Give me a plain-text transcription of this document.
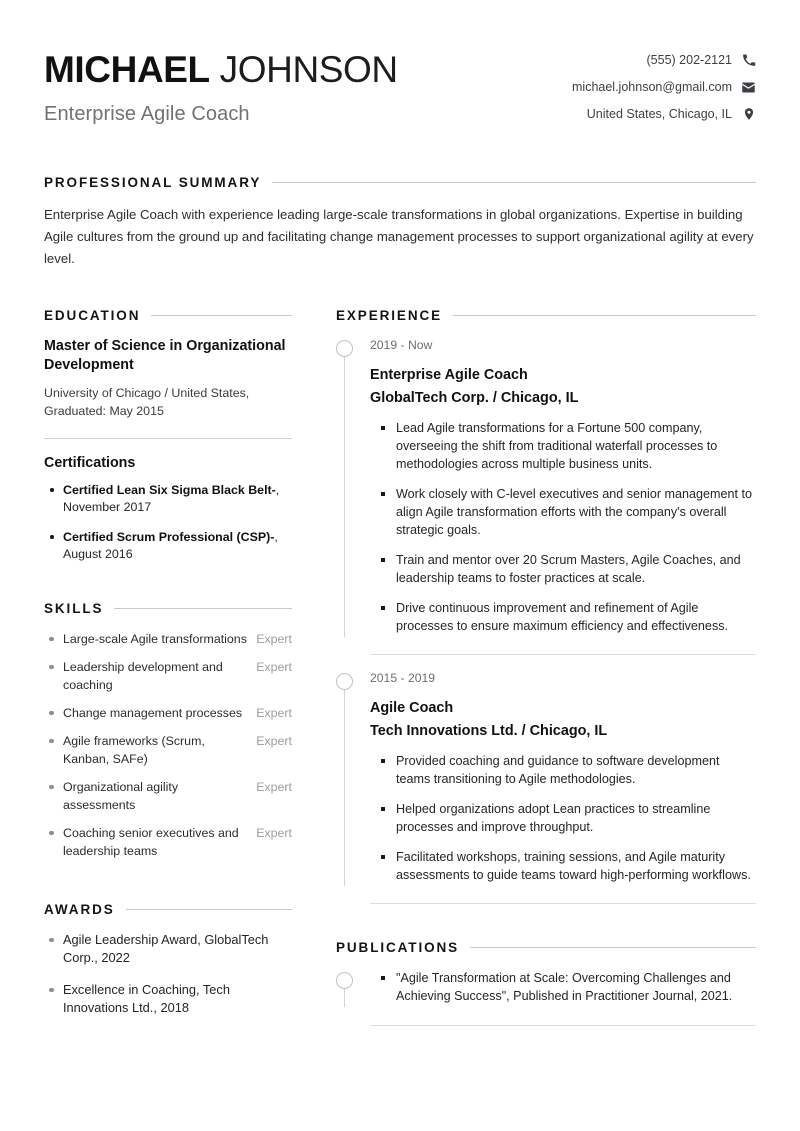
MICHAEL JOHNSON
Enterprise Agile Coach
(555) 202-2121
michael.johnson@gmail.com
United States, Chicago, IL
PROFESSIONAL SUMMARY

Enterprise Agile Coach with experience leading large-scale transformations in global organizations. Expertise in building Agile cultures from the ground up and facilitating change management processes to support organizational agility at every level.

EDUCATION
Master of Science in Organizational Development
University of Chicago / United States,
Graduated: May 2015
Certifications
Certified Lean Six Sigma Black Belt-, November 2017
Certified Scrum Professional (CSP)-, August 2016
SKILLS
Large-scale Agile transformations Expert
Leadership development and coaching
Expert
Change management processes	Expert
Agile frameworks (Scrum, Kanban, SAFe)
Expert
Organizational agility assessments
Expert
Coaching senior executives and leadership teams
Expert
AWARDS
Agile Leadership Award, GlobalTech Corp., 2022
Excellence in Coaching, Tech Innovations Ltd., 2018
EXPERIENCE
2019 - Now
Enterprise Agile Coach
GlobalTech Corp. / Chicago, IL
Lead Agile transformations for a Fortune 500 company, overseeing the shift from traditional waterfall processes to methodologies across multiple business units.
Work closely with C-level executives and senior management to align Agile transformation efforts with the company's overall strategic goals.
Train and mentor over 20 Scrum Masters, Agile Coaches, and leadership teams to foster practices at scale.
Drive continuous improvement and refinement of Agile processes to ensure maximum efficiency and effectiveness.
2015 - 2019
Agile Coach
Tech Innovations Ltd. / Chicago, IL
Provided coaching and guidance to software development teams transitioning to Agile methodologies.
Helped organizations adopt Lean practices to streamline processes and improve throughput.
Facilitated workshops, training sessions, and Agile maturity assessments to guide teams toward high-performing workflows.
PUBLICATIONS
"Agile Transformation at Scale: Overcoming Challenges and Achieving Success", Published in Practitioner Journal, 2021.
